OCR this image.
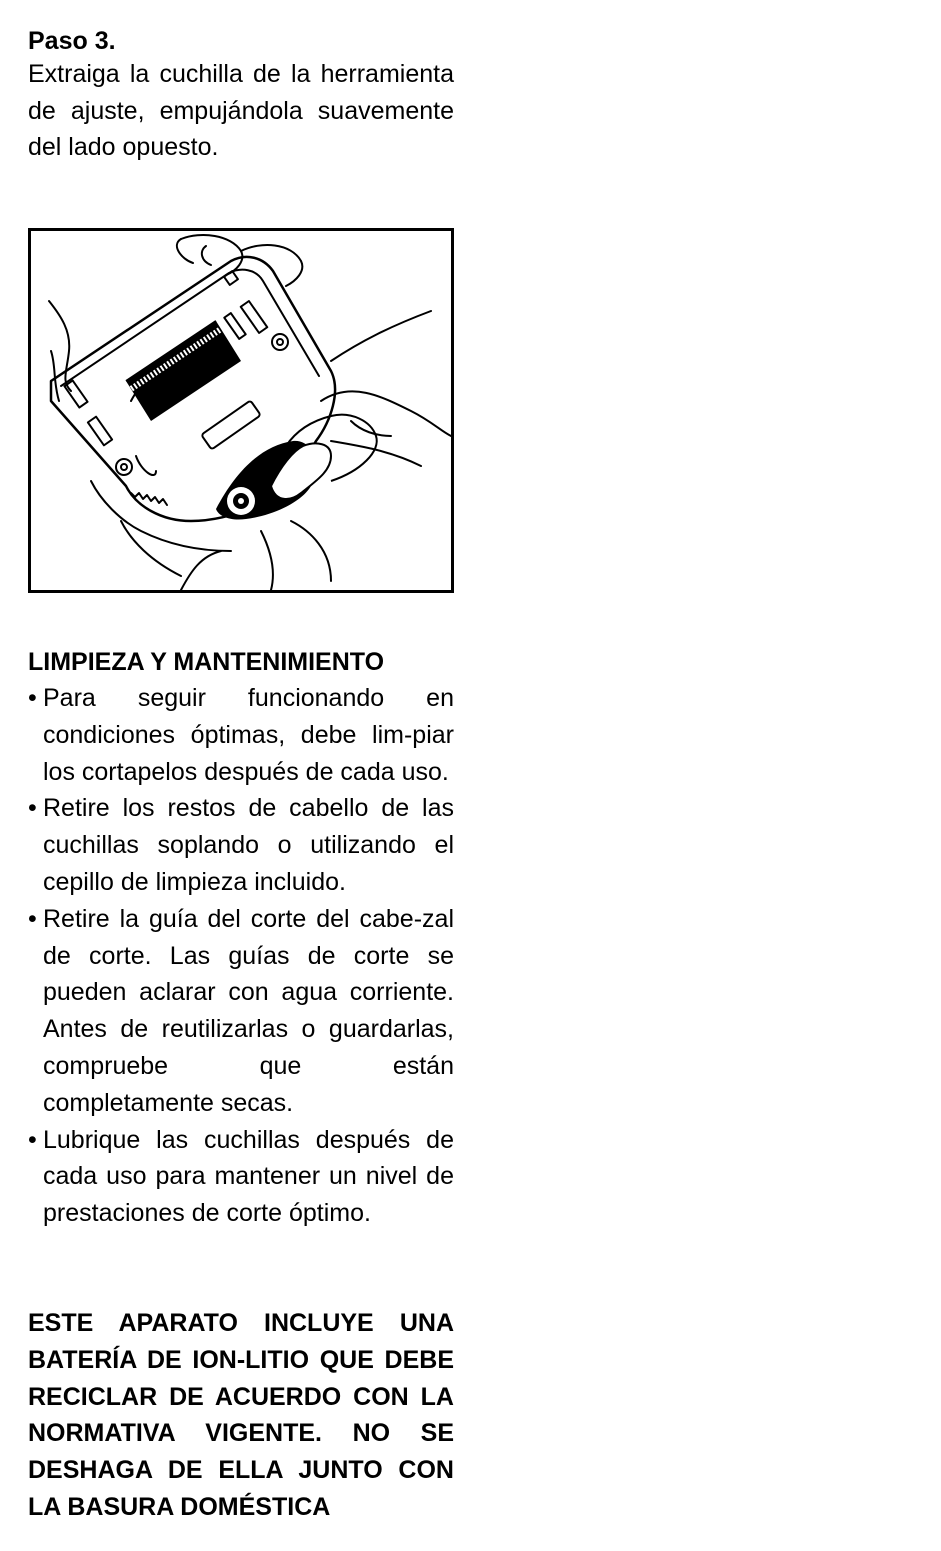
Paso 3.

Extraiga la cuchilla de la herramienta de ajuste, empujándola suavemente del lado opuesto.

LIMPIEZA Y MANTENIMIENTO

• Para seguir funcionando en condiciones óptimas, debe lim-piar los cortapelos después de cada uso.
• Retire los restos de cabello de las cuchillas soplando o utilizando el cepillo de limpieza incluido.
• Retire la guía del corte del cabe-zal de corte. Las guías de corte se pueden aclarar con agua corriente. Antes de reutilizarlas o guardarlas, compruebe que están completamente secas.
• Lubrique las cuchillas después de cada uso para mantener un nivel de prestaciones de corte óptimo.

ESTE APARATO INCLUYE UNA BATERÍA DE ION-LITIO QUE DEBE RECICLAR DE ACUERDO CON LA NORMATIVA VIGENTE. NO SE DESHAGA DE ELLA JUNTO CON LA BASURA DOMÉSTICA
